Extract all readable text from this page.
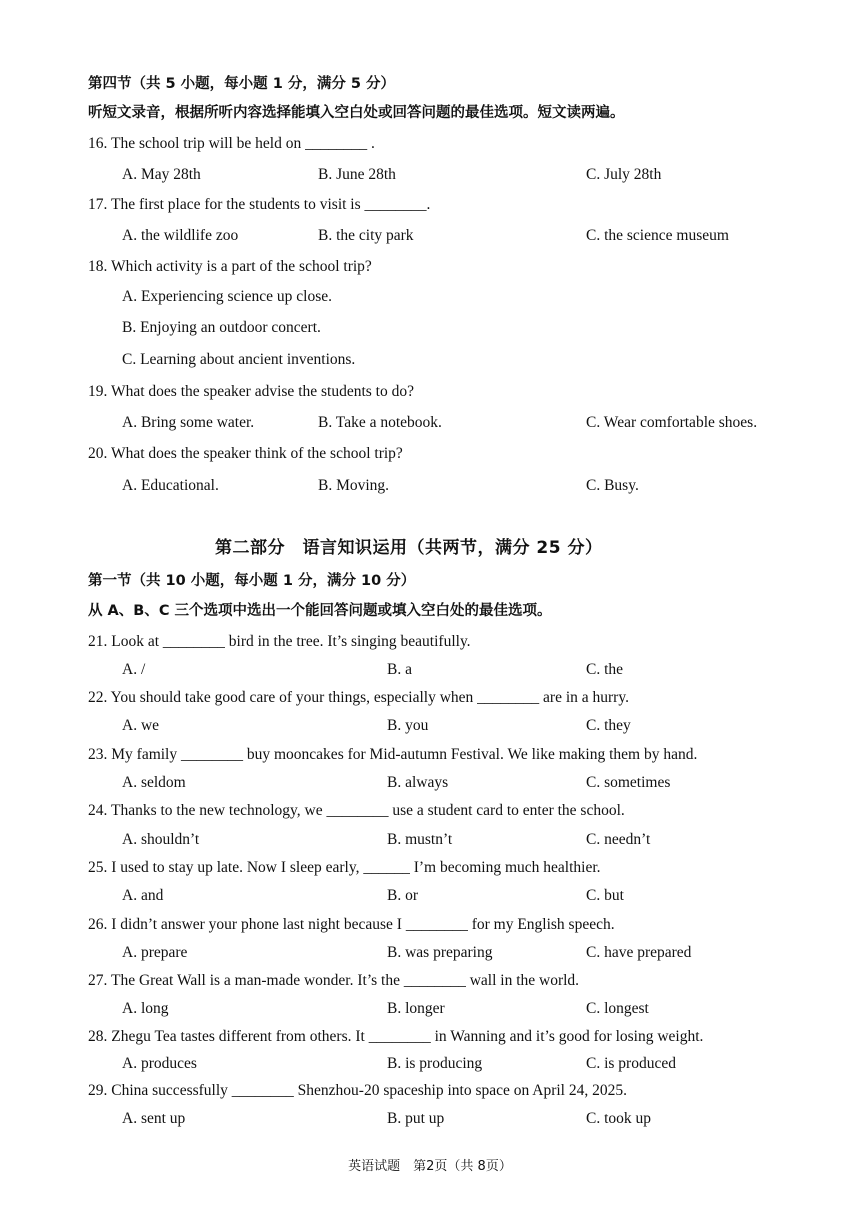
第四节（共 5 小题，每小题 1 分，满分 5 分）
听短文录音，根据所听内容选择能填入空白处或回答问题的最佳选项。短文读两遍。
16. The school trip will be held on ________ .
A. May 28th	B. June 28th	C. July 28th
17. The first place for the students to visit is ________.
A. the wildlife zoo	B. the city park	C. the science museum
18. Which activity is a part of the school trip?
A. Experiencing science up close.
B. Enjoying an outdoor concert.
C. Learning about ancient inventions.
19. What does the speaker advise the students to do?
A. Bring some water.	B. Take a notebook.	C. Wear comfortable shoes.
20. What does the speaker think of the school trip?
A. Educational.	B. Moving.	C. Busy.
第二部分　语言知识运用（共两节，满分 25 分）
第一节（共 10 小题，每小题 1 分，满分 10 分）
从 A、B、C 三个选项中选出一个能回答问题或填入空白处的最佳选项。
21. Look at ________ bird in the tree. It’s singing beautifully.
A. /	B. a	C. the
22. You should take good care of your things, especially when ________ are in a hurry.
A. we	B. you	C. they
23. My family ________ buy mooncakes for Mid-autumn Festival. We like making them by hand.
A. seldom	B. always	C. sometimes
24. Thanks to the new technology, we ________ use a student card to enter the school.
A. shouldn’t	B. mustn’t	C. needn’t
25. I used to stay up late. Now I sleep early, ______ I’m becoming much healthier.
A. and	B. or	C. but
26. I didn’t answer your phone last night because I ________ for my English speech.
A. prepare	B. was preparing	C. have prepared
27. The Great Wall is a man-made wonder. It’s the ________ wall in the world.
A. long	B. longer	C. longest
28. Zhegu Tea tastes different from others. It ________ in Wanning and it’s good for losing weight.
A. produces	B. is producing	C. is produced
29. China successfully ________ Shenzhou-20 spaceship into space on April 24, 2025.
A. sent up	B. put up	C. took up
英语试题　第2页（共 8页）
